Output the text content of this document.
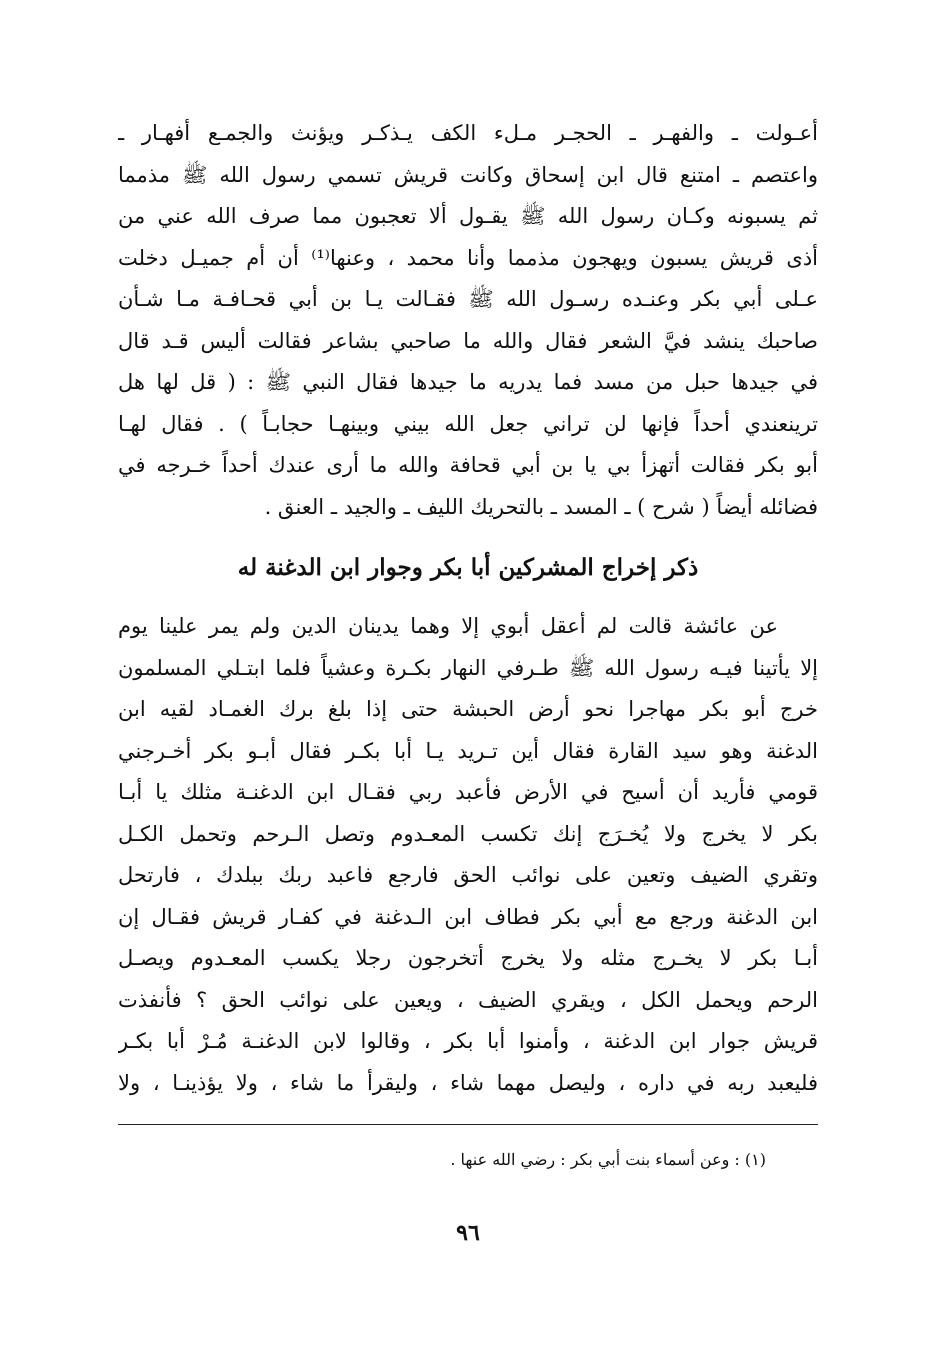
أعـولت ـ والفهـر ـ الحجـر مـلء الكف يـذكـر ويؤنث والجمـع أفهـار ـ
واعتصم ـ امتنع قال ابن إسحاق وكانت قريش تسمي رسول الله ﷺ مذمما
ثم يسبونه وكـان رسول الله ﷺ يقـول ألا تعجبون مما صرف الله عني من
أذى قريش يسبون ويهجون مذمما وأنا محمد ، وعنها⁽¹⁾ أن أم جميـل دخلت
عـلى أبي بكر وعنـده رسـول الله ﷺ فقـالت يـا بن أبي قحـافـة مـا شـأن
صاحبك ينشد فيَّ الشعر فقال والله ما صاحبي بشاعر فقالت أليس قـد قال
في جيدها حبل من مسد فما يدريه ما جيدها فقال النبي ﷺ : ( قل لها هل
ترينعندي أحداً فإنها لن تراني جعل الله بيني وبينهـا حجابـاً ) . فقال لهـا
أبو بكر فقالت أتهزأ بي يا بن أبي قحافة والله ما أرى عندك أحداً خـرجه في
فضائله أيضاً ( شرح ) ـ المسد ـ بالتحريك الليف ـ والجيد ـ العنق .
ذكر إخراج المشركين أبا بكر وجوار ابن الدغنة له
عن عائشة قالت لم أعقل أبوي إلا وهما يدينان الدين ولم يمر علينا يوم
إلا يأتينا فيـه رسول الله ﷺ طـرفي النهار بكـرة وعشياً فلما ابتـلي المسلمون
خرج أبو بكر مهاجرا نحو أرض الحبشة حتى إذا بلغ برك الغمـاد لقيه ابن
الدغنة وهو سيد القارة فقال أين تـريد يـا أبا بكـر فقال أبـو بكر أخـرجني
قومي فأريد أن أسيح في الأرض فأعبد ربي فقـال ابن الدغنـة مثلك يا أبـا
بكر لا يخرج ولا يُخـرَج إنك تكسب المعـدوم وتصل الـرحم وتحمل الكـل
وتقري الضيف وتعين على نوائب الحق فارجع فاعبد ربك ببلدك ، فارتحل
ابن الدغنة ورجع مع أبي بكر فطاف ابن الـدغنة في كفـار قريش فقـال إن
أبـا بكر لا يخـرج مثله ولا يخرج أتخرجون رجلا يكسب المعـدوم ويصـل
الرحم ويحمل الكل ، ويقري الضيف ، ويعين على نوائب الحق ؟ فأنفذت
قريش جوار ابن الدغنة ، وأمنوا أبا بكر ، وقالوا لابن الدغنـة مُـرْ أبا بكـر
فليعبد ربه في داره ، وليصل مهما شاء ، وليقرأ ما شاء ، ولا يؤذينـا ، ولا
(١) : وعن أسماء بنت أبي بكر : رضي الله عنها .
٩٦
